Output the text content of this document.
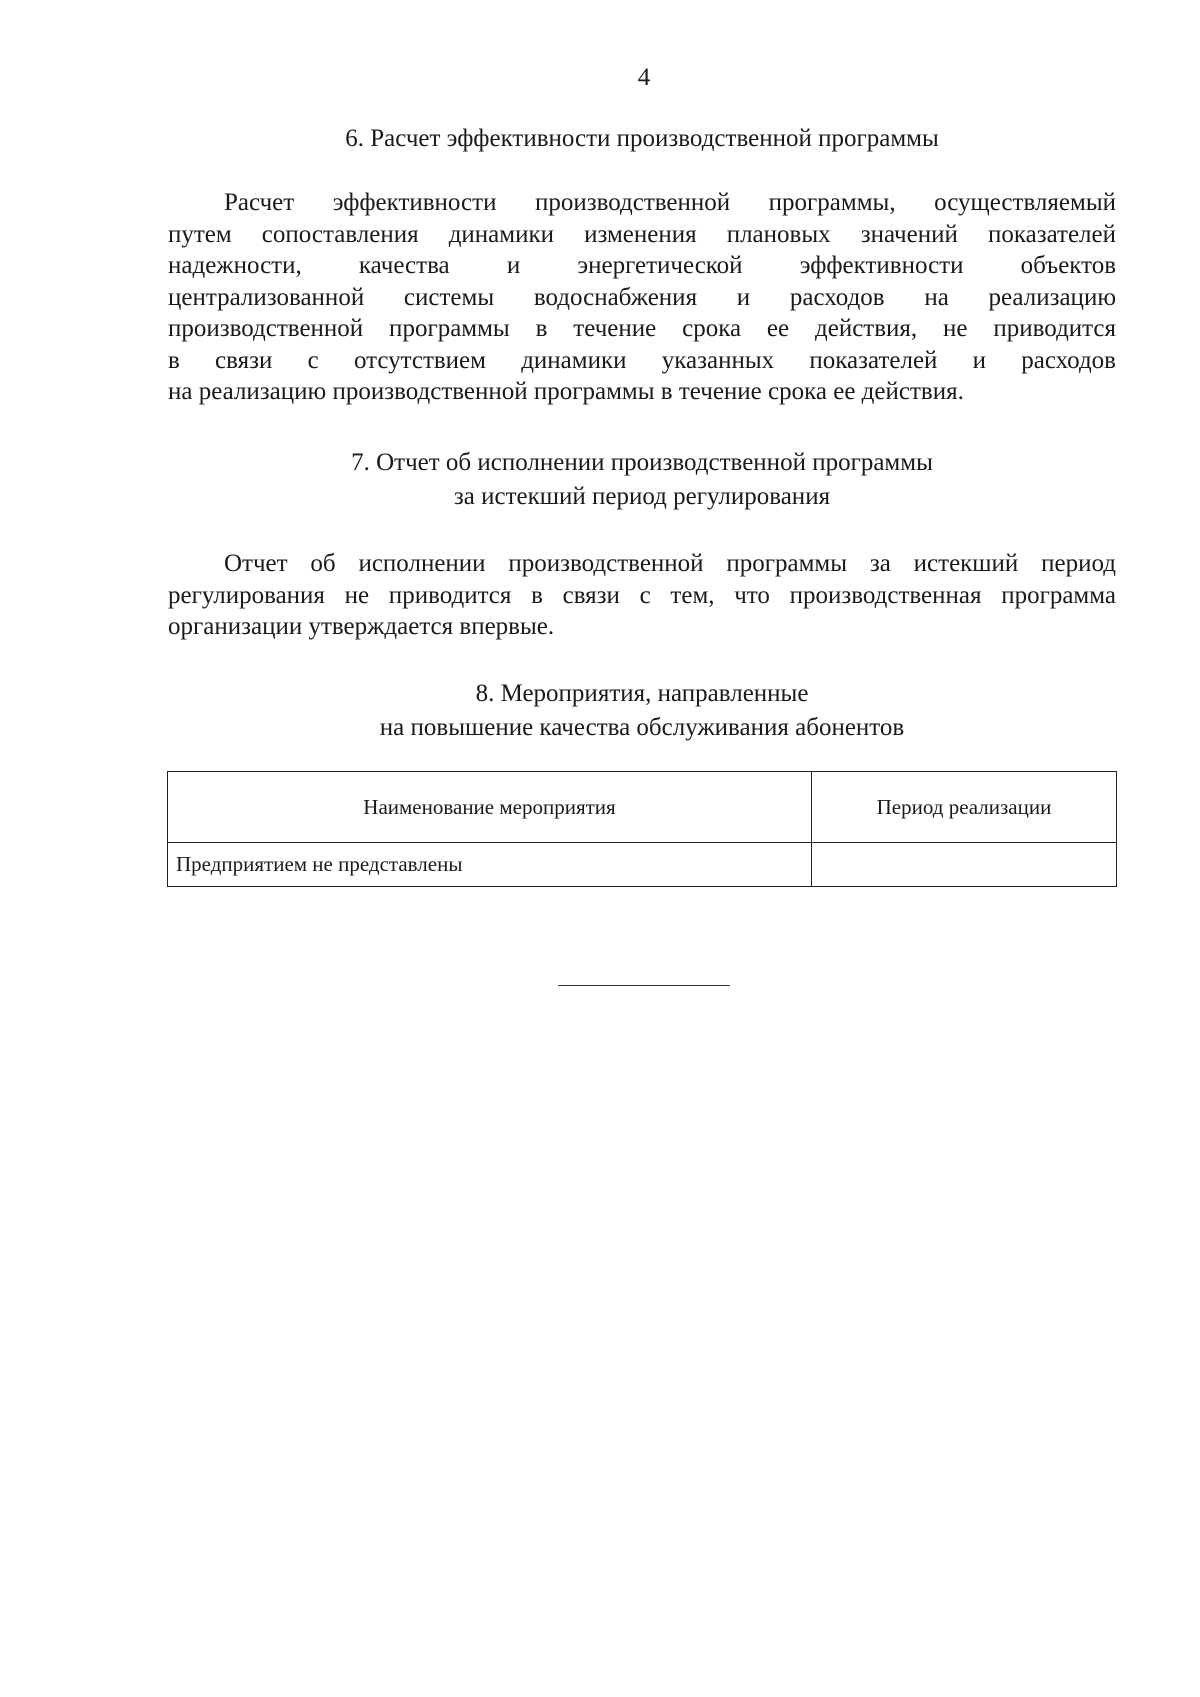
4
6. Расчет эффективности производственной программы
Расчет эффективности производственной программы, осуществляемый
путем сопоставления динамики изменения плановых значений показателей
надежности, качества и энергетической эффективности объектов
централизованной системы водоснабжения и расходов на реализацию
производственной программы в течение срока ее действия, не приводится
в связи с отсутствием динамики указанных показателей и расходов
на реализацию производственной программы в течение срока ее действия.
7. Отчет об исполнении производственной программы
за истекший период регулирования
Отчет об исполнении производственной программы за истекший период
регулирования не приводится в связи с тем, что производственная программа
организации утверждается впервые.
8. Мероприятия, направленные
на повышение качества обслуживания абонентов
Наименование мероприятия	Период реализации
Предприятием не представлены	
